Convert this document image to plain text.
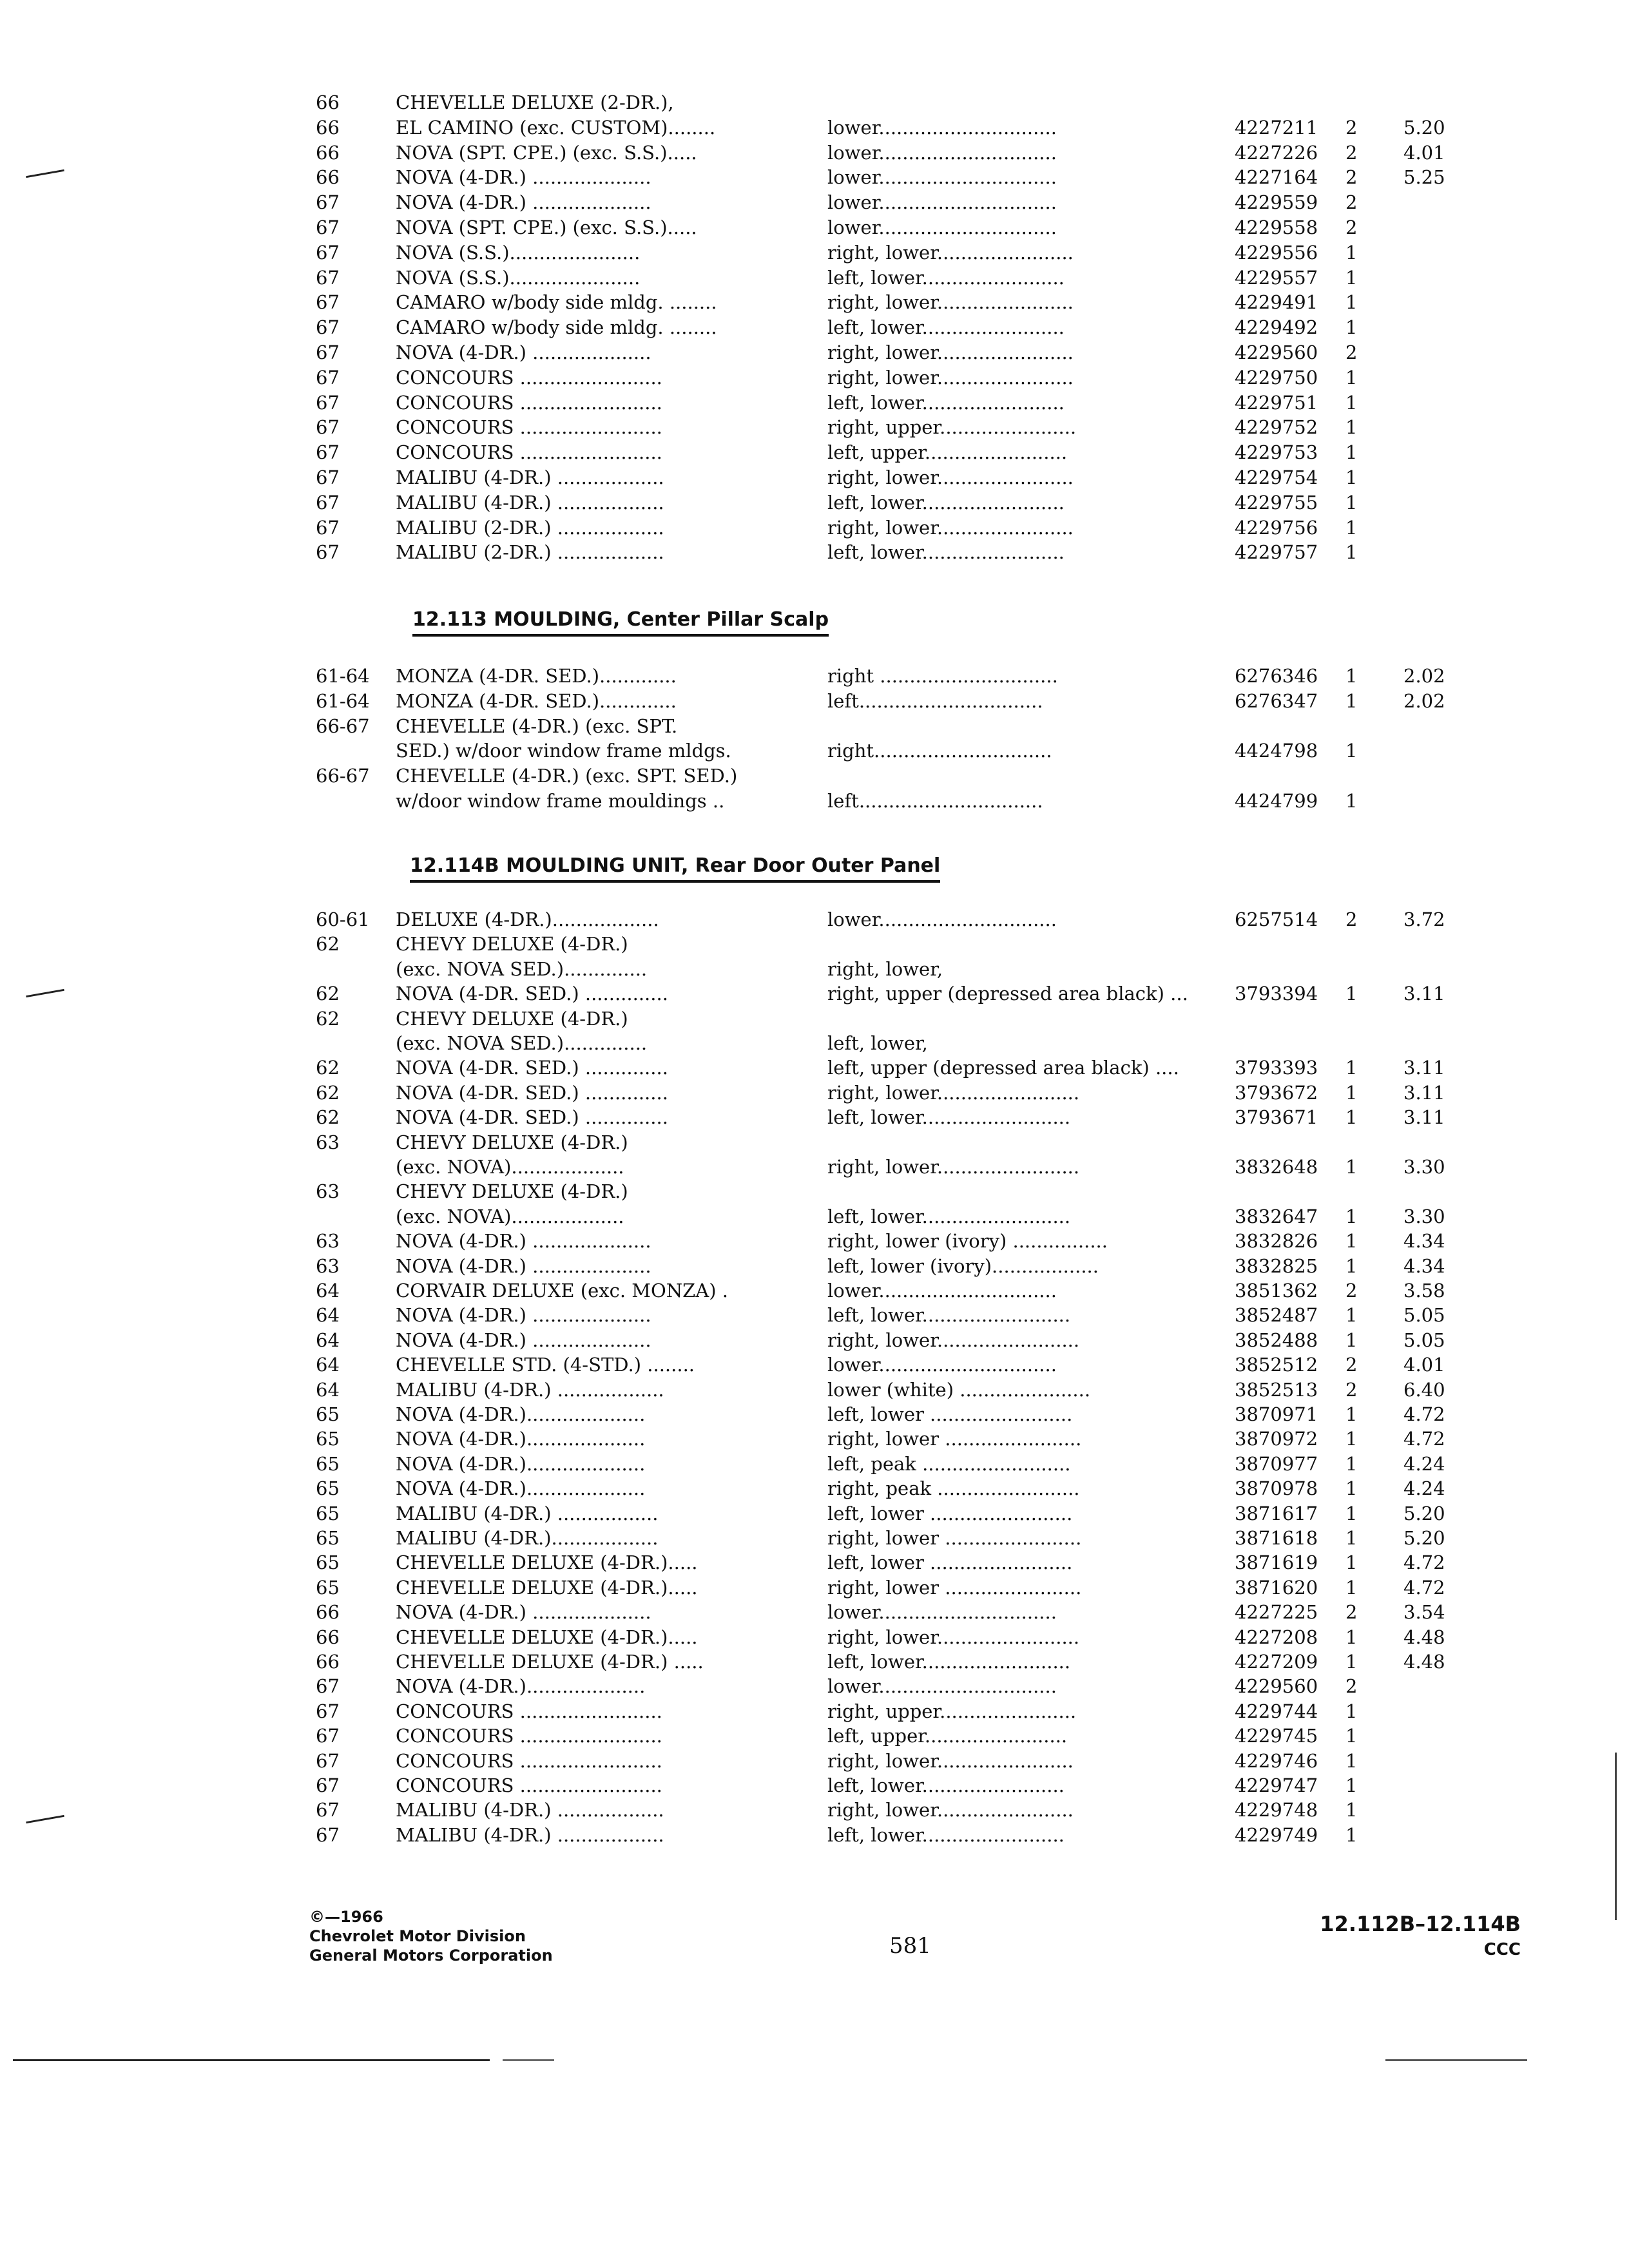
66	CHEVELLE DELUXE (2-DR.),
66	EL CAMINO (exc. CUSTOM)........	lower..............................	4227211	2	5.20
66	NOVA (SPT. CPE.) (exc. S.S.).....	lower..............................	4227226	2	4.01
66	NOVA (4-DR.) ....................	lower..............................	4227164	2	5.25
67	NOVA (4-DR.) ....................	lower..............................	4229559	2
67	NOVA (SPT. CPE.) (exc. S.S.).....	lower..............................	4229558	2
67	NOVA (S.S.)......................	right, lower.......................	4229556	1
67	NOVA (S.S.)......................	left, lower........................	4229557	1
67	CAMARO w/body side mldg. ........	right, lower.......................	4229491	1
67	CAMARO w/body side mldg. ........	left, lower........................	4229492	1
67	NOVA (4-DR.) ....................	right, lower.......................	4229560	2
67	CONCOURS ........................	right, lower.......................	4229750	1
67	CONCOURS ........................	left, lower........................	4229751	1
67	CONCOURS ........................	right, upper.......................	4229752	1
67	CONCOURS ........................	left, upper........................	4229753	1
67	MALIBU (4-DR.) ..................	right, lower.......................	4229754	1
67	MALIBU (4-DR.) ..................	left, lower........................	4229755	1
67	MALIBU (2-DR.) ..................	right, lower.......................	4229756	1
67	MALIBU (2-DR.) ..................	left, lower........................	4229757	1
12.113 MOULDING, Center Pillar Scalp
61-64	MONZA (4-DR. SED.).............	right ..............................	6276346	1	2.02
61-64	MONZA (4-DR. SED.).............	left...............................	6276347	1	2.02
66-67	CHEVELLE (4-DR.) (exc. SPT.
SED.) w/door window frame mldgs.	right..............................	4424798	1
66-67	CHEVELLE (4-DR.) (exc. SPT. SED.)
w/door window frame mouldings ..	left...............................	4424799	1
12.114B MOULDING UNIT, Rear Door Outer Panel
60-61	DELUXE (4-DR.)..................	lower..............................	6257514	2	3.72
62	CHEVY DELUXE (4-DR.)
(exc. NOVA SED.)..............	right, lower,
62	NOVA (4-DR. SED.) ..............	right, upper (depressed area black) ...	3793394	1	3.11
62	CHEVY DELUXE (4-DR.)
(exc. NOVA SED.)..............	left, lower,
62	NOVA (4-DR. SED.) ..............	left, upper (depressed area black) ....	3793393	1	3.11
62	NOVA (4-DR. SED.) ..............	right, lower........................	3793672	1	3.11
62	NOVA (4-DR. SED.) ..............	left, lower.........................	3793671	1	3.11
63	CHEVY DELUXE (4-DR.)
(exc. NOVA)...................	right, lower........................	3832648	1	3.30
63	CHEVY DELUXE (4-DR.)
(exc. NOVA)...................	left, lower.........................	3832647	1	3.30
63	NOVA (4-DR.) ....................	right, lower (ivory) ................	3832826	1	4.34
63	NOVA (4-DR.) ....................	left, lower (ivory)..................	3832825	1	4.34
64	CORVAIR DELUXE (exc. MONZA) .	lower..............................	3851362	2	3.58
64	NOVA (4-DR.) ....................	left, lower.........................	3852487	1	5.05
64	NOVA (4-DR.) ....................	right, lower........................	3852488	1	5.05
64	CHEVELLE STD. (4-STD.) ........	lower..............................	3852512	2	4.01
64	MALIBU (4-DR.) ..................	lower (white) ......................	3852513	2	6.40
65	NOVA (4-DR.)....................	left, lower ........................	3870971	1	4.72
65	NOVA (4-DR.)....................	right, lower .......................	3870972	1	4.72
65	NOVA (4-DR.)....................	left, peak .........................	3870977	1	4.24
65	NOVA (4-DR.)....................	right, peak ........................	3870978	1	4.24
65	MALIBU (4-DR.) .................	left, lower ........................	3871617	1	5.20
65	MALIBU (4-DR.)..................	right, lower .......................	3871618	1	5.20
65	CHEVELLE DELUXE (4-DR.).....	left, lower ........................	3871619	1	4.72
65	CHEVELLE DELUXE (4-DR.).....	right, lower .......................	3871620	1	4.72
66	NOVA (4-DR.) ....................	lower..............................	4227225	2	3.54
66	CHEVELLE DELUXE (4-DR.).....	right, lower........................	4227208	1	4.48
66	CHEVELLE DELUXE (4-DR.) .....	left, lower.........................	4227209	1	4.48
67	NOVA (4-DR.)....................	lower..............................	4229560	2
67	CONCOURS ........................	right, upper.......................	4229744	1
67	CONCOURS ........................	left, upper........................	4229745	1
67	CONCOURS ........................	right, lower.......................	4229746	1
67	CONCOURS ........................	left, lower........................	4229747	1
67	MALIBU (4-DR.) ..................	right, lower.......................	4229748	1
67	MALIBU (4-DR.) ..................	left, lower........................	4229749	1
©—1966
Chevrolet Motor Division
General Motors Corporation	581
12.112B–12.114B
CCC
